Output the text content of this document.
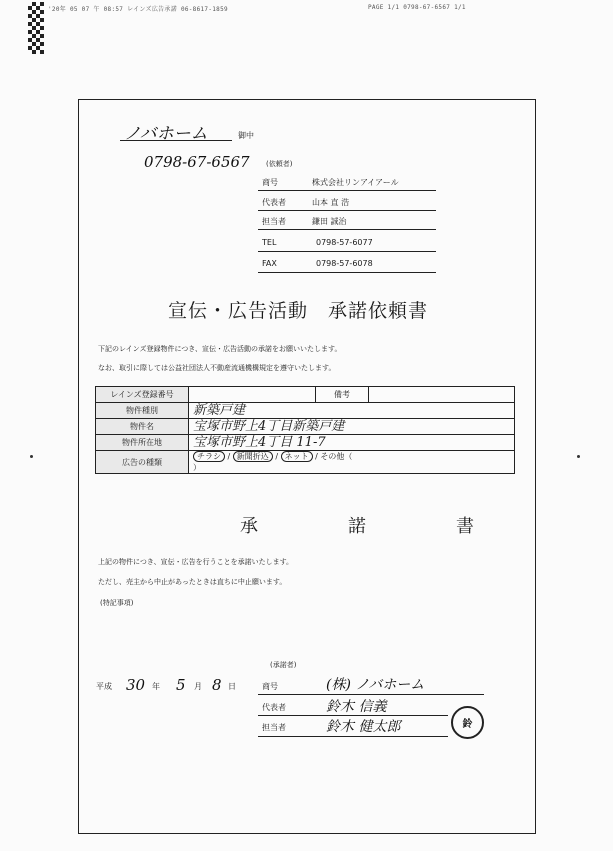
'20年 05 07 午 08:57 レインズ広告承諾 06-8617-1859	PAGE 1/1 0798-67-6567 1/1
ノバホーム	御中
0798-67-6567 (依頼者)
商号	株式会社リンアイアール
代表者	山本 直 浩
担当者	鎌田 誠治
TEL	0798-57-6077
FAX	0798-57-6078
宣伝・広告活動　承諾依頼書
下記のレインズ登録物件につき、宣伝・広告活動の承諾をお願いいたします。
なお、取引に際しては公益社団法人不動産流通機構規定を遵守いたします。
レインズ登録番号		備考	
物件種別	新築戸建		
物件名	宝塚市野上4丁目新築戸建		
物件所在地	宝塚市野上4丁目 11-7		
広告の種類	チラシ / 新聞折込 / ネット / その他（  ）		
承　諾　書
上記の物件につき、宣伝・広告を行うことを承諾いたします。
ただし、売主から中止があったときは直ちに中止願います。
(特記事項)
平成 30 年 5 月 8 日
(承諾者)
商号	(株) ノバホーム
代表者	鈴木 信義
担当者	鈴木 健太郎	鈴
